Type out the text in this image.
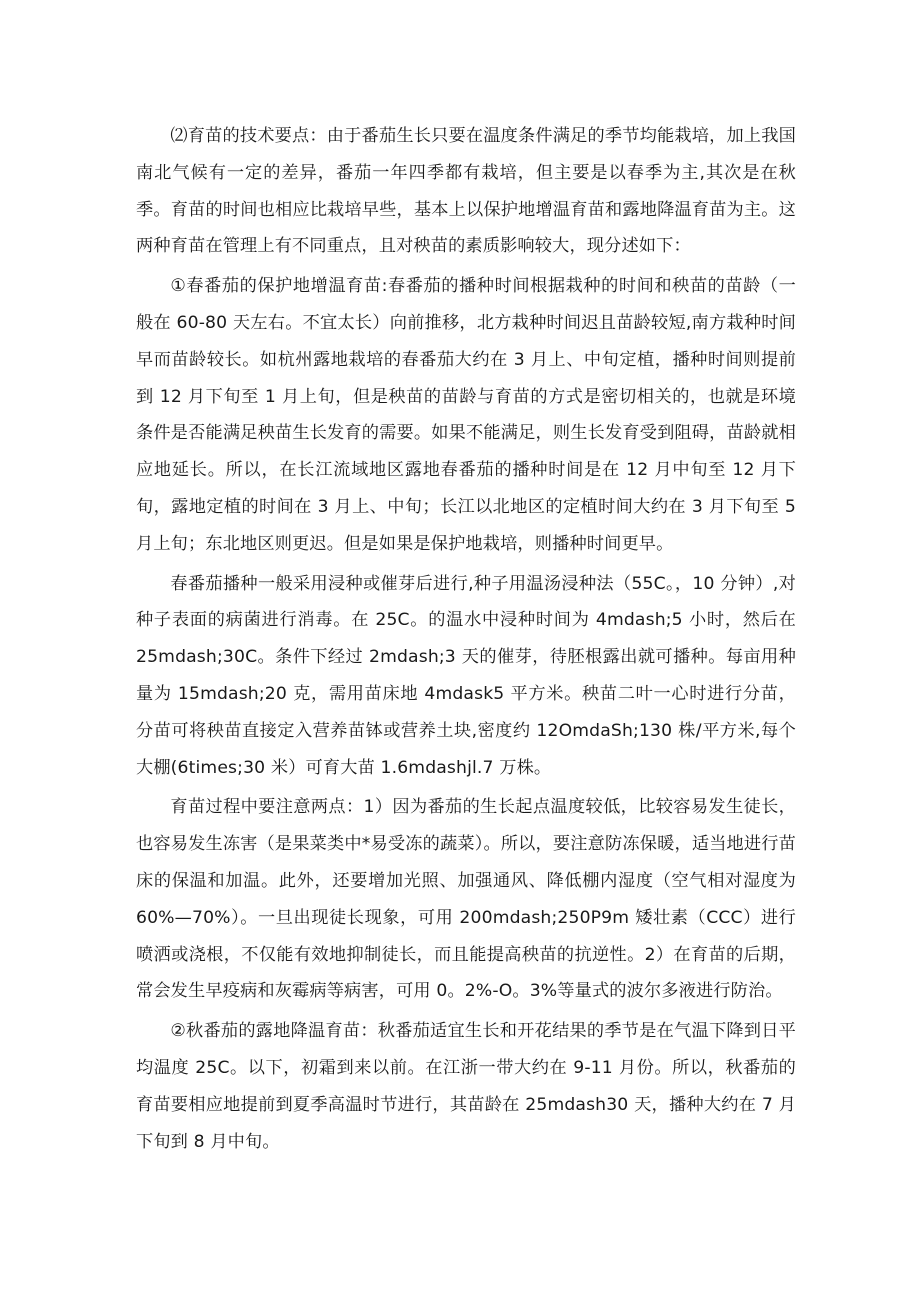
⑵育苗的技术要点：由于番茄生长只要在温度条件满足的季节均能栽培，加上我国南北气候有一定的差异，番茄一年四季都有栽培，但主要是以春季为主,其次是在秋季。育苗的时间也相应比栽培早些，基本上以保护地增温育苗和露地降温育苗为主。这两种育苗在管理上有不同重点，且对秧苗的素质影响较大，现分述如下：

①春番茄的保护地增温育苗:春番茄的播种时间根据栽种的时间和秧苗的苗龄（一般在 60-80 天左右。不宜太长）向前推移，北方栽种时间迟且苗龄较短,南方栽种时间早而苗龄较长。如杭州露地栽培的春番茄大约在 3 月上、中旬定植，播种时间则提前到 12 月下旬至 1 月上旬，但是秧苗的苗龄与育苗的方式是密切相关的，也就是环境条件是否能满足秧苗生长发育的需要。如果不能满足，则生长发育受到阻碍，苗龄就相应地延长。所以，在长江流域地区露地春番茄的播种时间是在 12 月中旬至 12 月下旬，露地定植的时间在 3 月上、中旬；长江以北地区的定植时间大约在 3 月下旬至 5 月上旬；东北地区则更迟。但是如果是保护地栽培，则播种时间更早。

春番茄播种一般采用浸种或催芽后进行,种子用温汤浸种法（55C。，10 分钟）,对种子表面的病菌进行消毒。在 25C。的温水中浸种时间为 4mdash;5 小时，然后在 25mdash;30C。条件下经过 2mdash;3 天的催芽，待胚根露出就可播种。每亩用种量为 15mdash;20 克，需用苗床地 4mdask5 平方米。秧苗二叶一心时进行分苗，分苗可将秧苗直接定入营养苗钵或营养土块,密度约 12OmdaSh;130 株/平方米,每个大棚(6times;30 米）可育大苗 1.6mdashjl.7 万株。

育苗过程中要注意两点：1）因为番茄的生长起点温度较低，比较容易发生徒长，也容易发生冻害（是果菜类中*易受冻的蔬菜）。所以，要注意防冻保暖，适当地进行苗床的保温和加温。此外，还要增加光照、加强通风、降低棚内湿度（空气相对湿度为 60%—70%）。一旦出现徒长现象，可用 200mdash;250P9m 矮壮素（CCC）进行喷洒或浇根，不仅能有效地抑制徒长，而且能提高秧苗的抗逆性。2）在育苗的后期，常会发生早疫病和灰霉病等病害，可用 0。2%-O。3%等量式的波尔多液进行防治。

②秋番茄的露地降温育苗：秋番茄适宜生长和开花结果的季节是在气温下降到日平均温度 25C。以下，初霜到来以前。在江浙一带大约在 9-11 月份。所以，秋番茄的育苗要相应地提前到夏季高温时节进行，其苗龄在 25mdash30 天，播种大约在 7 月下旬到 8 月中旬。
